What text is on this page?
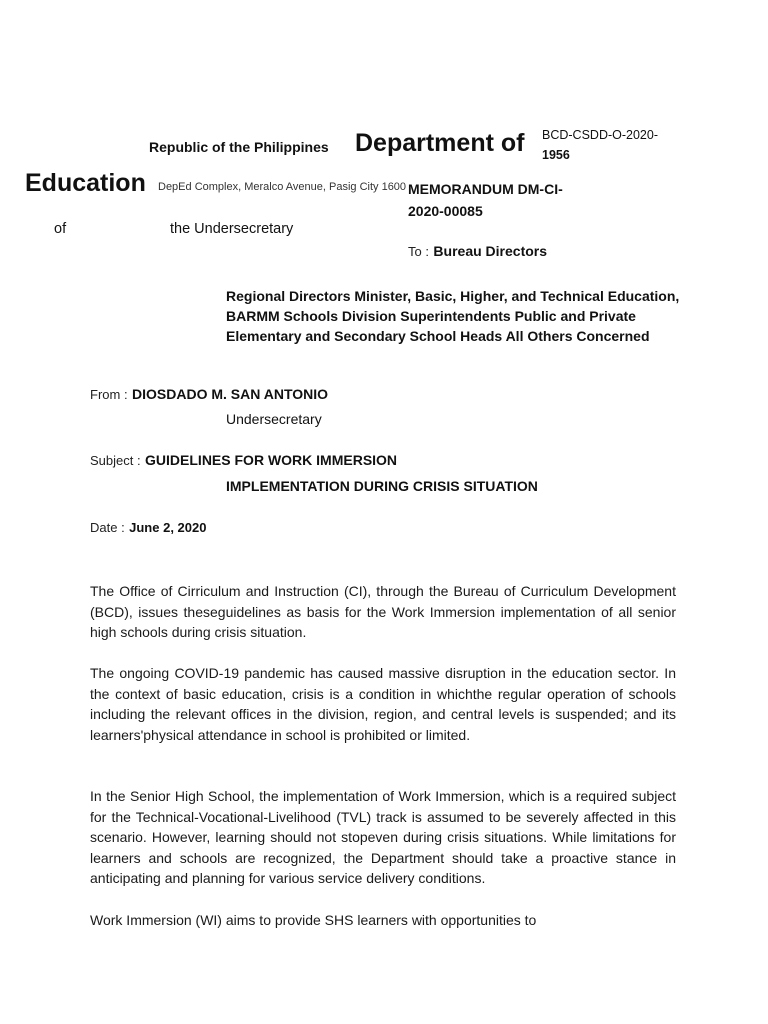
Republic of the Philippines Department of BCD-CSDD-O-2020-
1956
Education DepEd Complex, Meralco Avenue, Pasig City 1600 MEMORANDUM DM-CI-
2020-00085
of	the Undersecretary
To : Bureau Directors
Regional Directors Minister, Basic, Higher, and Technical Education,
BARMM Schools Division Superintendents Public and Private
Elementary and Secondary School Heads All Others Concerned
From : DIOSDADO M. SAN ANTONIO
Undersecretary
Subject : GUIDELINES FOR WORK IMMERSION
IMPLEMENTATION DURING CRISIS SITUATION
Date : June 2, 2020
The Office of Cirriculum and Instruction (CI), through the Bureau of Curriculum Development (BCD), issues theseguidelines as basis for the Work Immersion implementation of all senior high schools during crisis situation.
The ongoing COVID-19 pandemic has caused massive disruption in the education sector. In the context of basic education, crisis is a condition in whichthe regular operation of schools including the relevant offices in the division, region, and central levels is suspended; and its learners'physical attendance in school is prohibited or limited.
In the Senior High School, the implementation of Work Immersion, which is a required subject for the Technical-Vocational-Livelihood (TVL) track is assumed to be severely affected in this scenario. However, learning should not stopeven during crisis situations. While limitations for learners and schools are recognized, the Department should take a proactive stance in anticipating and planning for various service delivery conditions.
Work Immersion (WI) aims to provide SHS learners with opportunities to
